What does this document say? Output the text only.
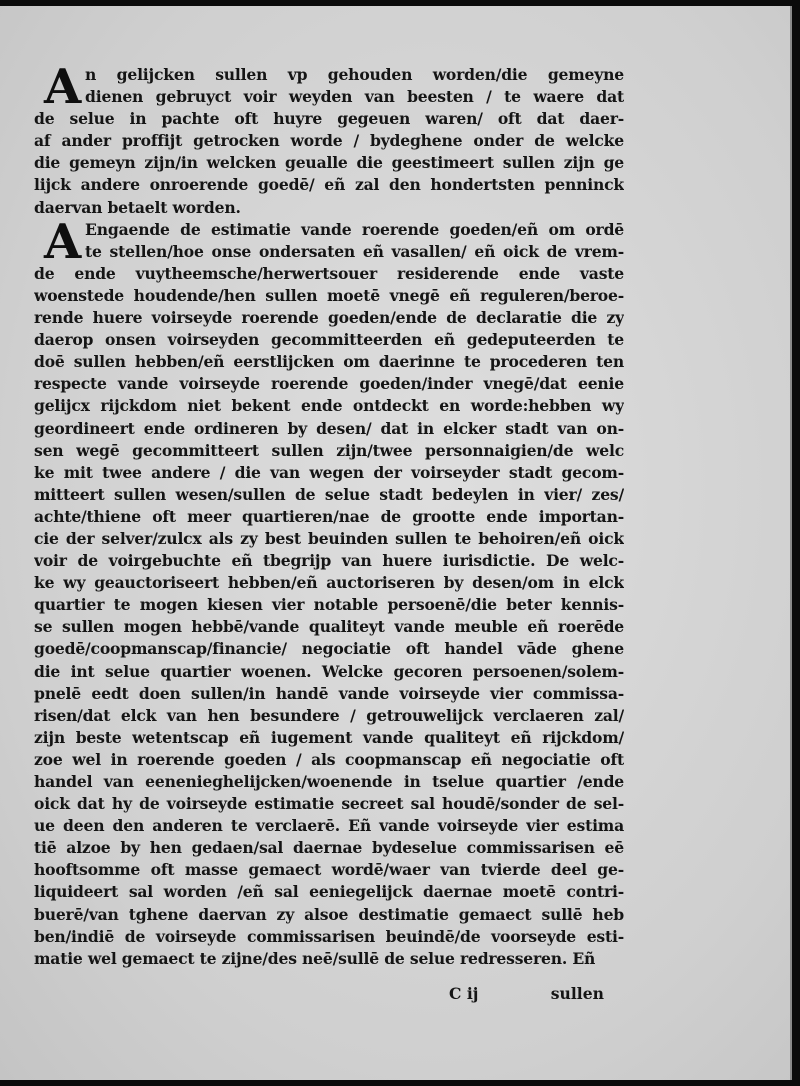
A n gelijcken sullen vp gehouden worden/die gemeyne

dienen gebruyct voir weyden van beesten / te waere dat

de selue in pachte oft huyre gegeuen waren/ oft dat daer-

af ander proffijt getrocken worde / bydeghene onder de welcke

die gemeyn zijn/in welcken geualle die geestimeert sullen zijn ge

lijck andere onroerende goedē/ eñ zal den hondertsten penninck

daervan betaelt worden.

A Engaende de estimatie vande roerende goeden/eñ om ordē

te stellen/hoe onse ondersaten eñ vasallen/ eñ oick de vrem-

de ende vuytheemsche/herwertsouer residerende ende vaste

woenstede houdende/hen sullen moetē vnegē eñ reguleren/beroe-

rende huere voirseyde roerende goeden/ende de declaratie die zy

daerop onsen voirseyden gecommitteerden eñ gedeputeerden te

doē sullen hebben/eñ eerstlijcken om daerinne te procederen ten

respecte vande voirseyde roerende goeden/inder vnegē/dat eenie

gelijcx rijckdom niet bekent ende ontdeckt en worde:hebben wy

geordineert ende ordineren by desen/ dat in elcker stadt van on-

sen wegē gecommitteert sullen zijn/twee personnaigien/de welc

ke mit twee andere / die van wegen der voirseyder stadt gecom-

mitteert sullen wesen/sullen de selue stadt bedeylen in vier/ zes/

achte/thiene oft meer quartieren/nae de grootte ende importan-

cie der selver/zulcx als zy best beuinden sullen te behoiren/eñ oick

voir de voirgebuchte eñ tbegrijp van huere iurisdictie. De welc-

ke wy geauctoriseert hebben/eñ auctoriseren by desen/om in elck

quartier te mogen kiesen vier notable persoenē/die beter kennis-

se sullen mogen hebbē/vande qualiteyt vande meuble eñ roerēde

goedē/coopmanscap/financie/ negociatie oft handel vāde ghene

die int selue quartier woenen. Welcke gecoren persoenen/solem-

pnelē eedt doen sullen/in handē vande voirseyde vier commissa-

risen/dat elck van hen besundere / getrouwelijck verclaeren zal/

zijn beste wetentscap eñ iugement vande qualiteyt eñ rijckdom/

zoe wel in roerende goeden / als coopmanscap eñ negociatie oft

handel van eenenieghelijcken/woenende in tselue quartier /ende

oick dat hy de voirseyde estimatie secreet sal houdē/sonder de sel-

ue deen den anderen te verclaerē. Eñ vande voirseyde vier estima

tiē alzoe by hen gedaen/sal daernae bydeselue commissarisen eē

hooftsomme oft masse gemaect wordē/waer van tvierde deel ge-

liquideert sal worden /eñ sal eeniegelijck daernae moetē contri-

buerē/van tghene daervan zy alsoe destimatie gemaect sullē heb

ben/indiē de voirseyde commissarisen beuindē/de voorseyde esti-

matie wel gemaect te zijne/des neē/sullē de selue redresseren. Eñ

C ij	sullen
